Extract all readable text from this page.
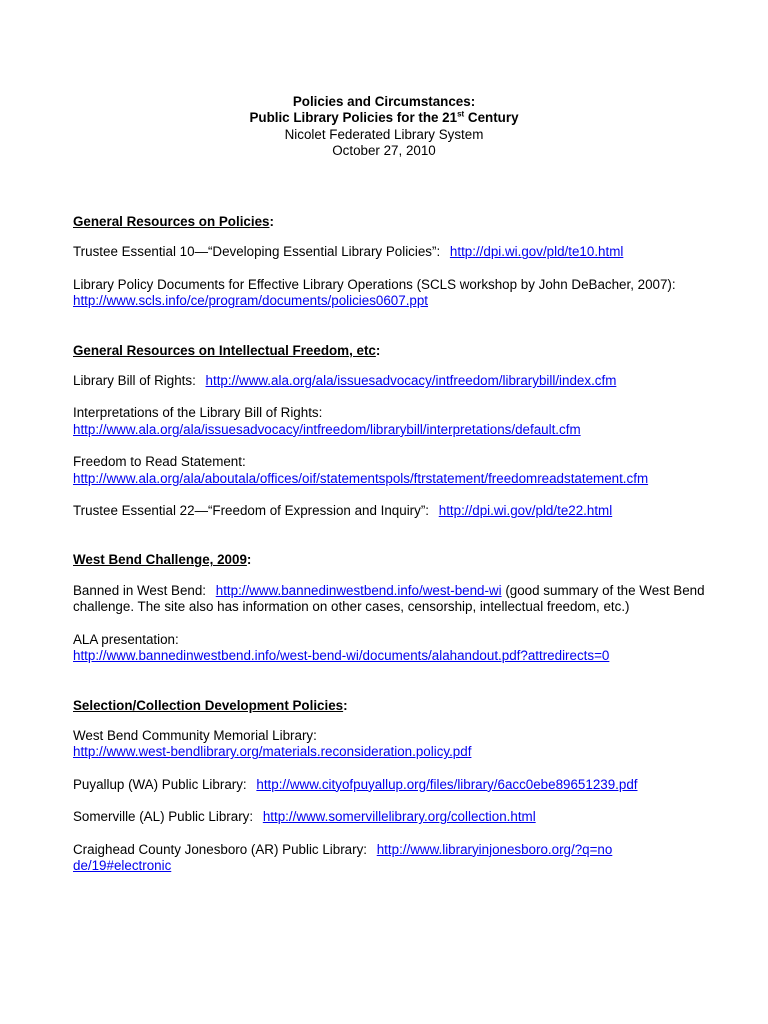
Policies and Circumstances:
Public Library Policies for the 21st Century
Nicolet Federated Library System
October 27, 2010
General Resources on Policies:
Trustee Essential 10—“Developing Essential Library Policies”: http://dpi.wi.gov/pld/te10.html
Library Policy Documents for Effective Library Operations (SCLS workshop by John DeBacher, 2007):
http://www.scls.info/ce/program/documents/policies0607.ppt
General Resources on Intellectual Freedom, etc:
Library Bill of Rights: http://www.ala.org/ala/issuesadvocacy/intfreedom/librarybill/index.cfm
Interpretations of the Library Bill of Rights:
http://www.ala.org/ala/issuesadvocacy/intfreedom/librarybill/interpretations/default.cfm
Freedom to Read Statement:
http://www.ala.org/ala/aboutala/offices/oif/statementspols/ftrstatement/freedomreadstatement.cfm
Trustee Essential 22—“Freedom of Expression and Inquiry”: http://dpi.wi.gov/pld/te22.html
West Bend Challenge, 2009:
Banned in West Bend: http://www.bannedinwestbend.info/west-bend-wi (good summary of the West Bend challenge. The site also has information on other cases, censorship, intellectual freedom, etc.)
ALA presentation:
http://www.bannedinwestbend.info/west-bend-wi/documents/alahandout.pdf?attredirects=0
Selection/Collection Development Policies:
West Bend Community Memorial Library:
http://www.west-bendlibrary.org/materials.reconsideration.policy.pdf
Puyallup (WA) Public Library: http://www.cityofpuyallup.org/files/library/6acc0ebe89651239.pdf
Somerville (AL) Public Library: http://www.somervillelibrary.org/collection.html
Craighead County Jonesboro (AR) Public Library: http://www.libraryinjonesboro.org/?q=node/19#electronic
